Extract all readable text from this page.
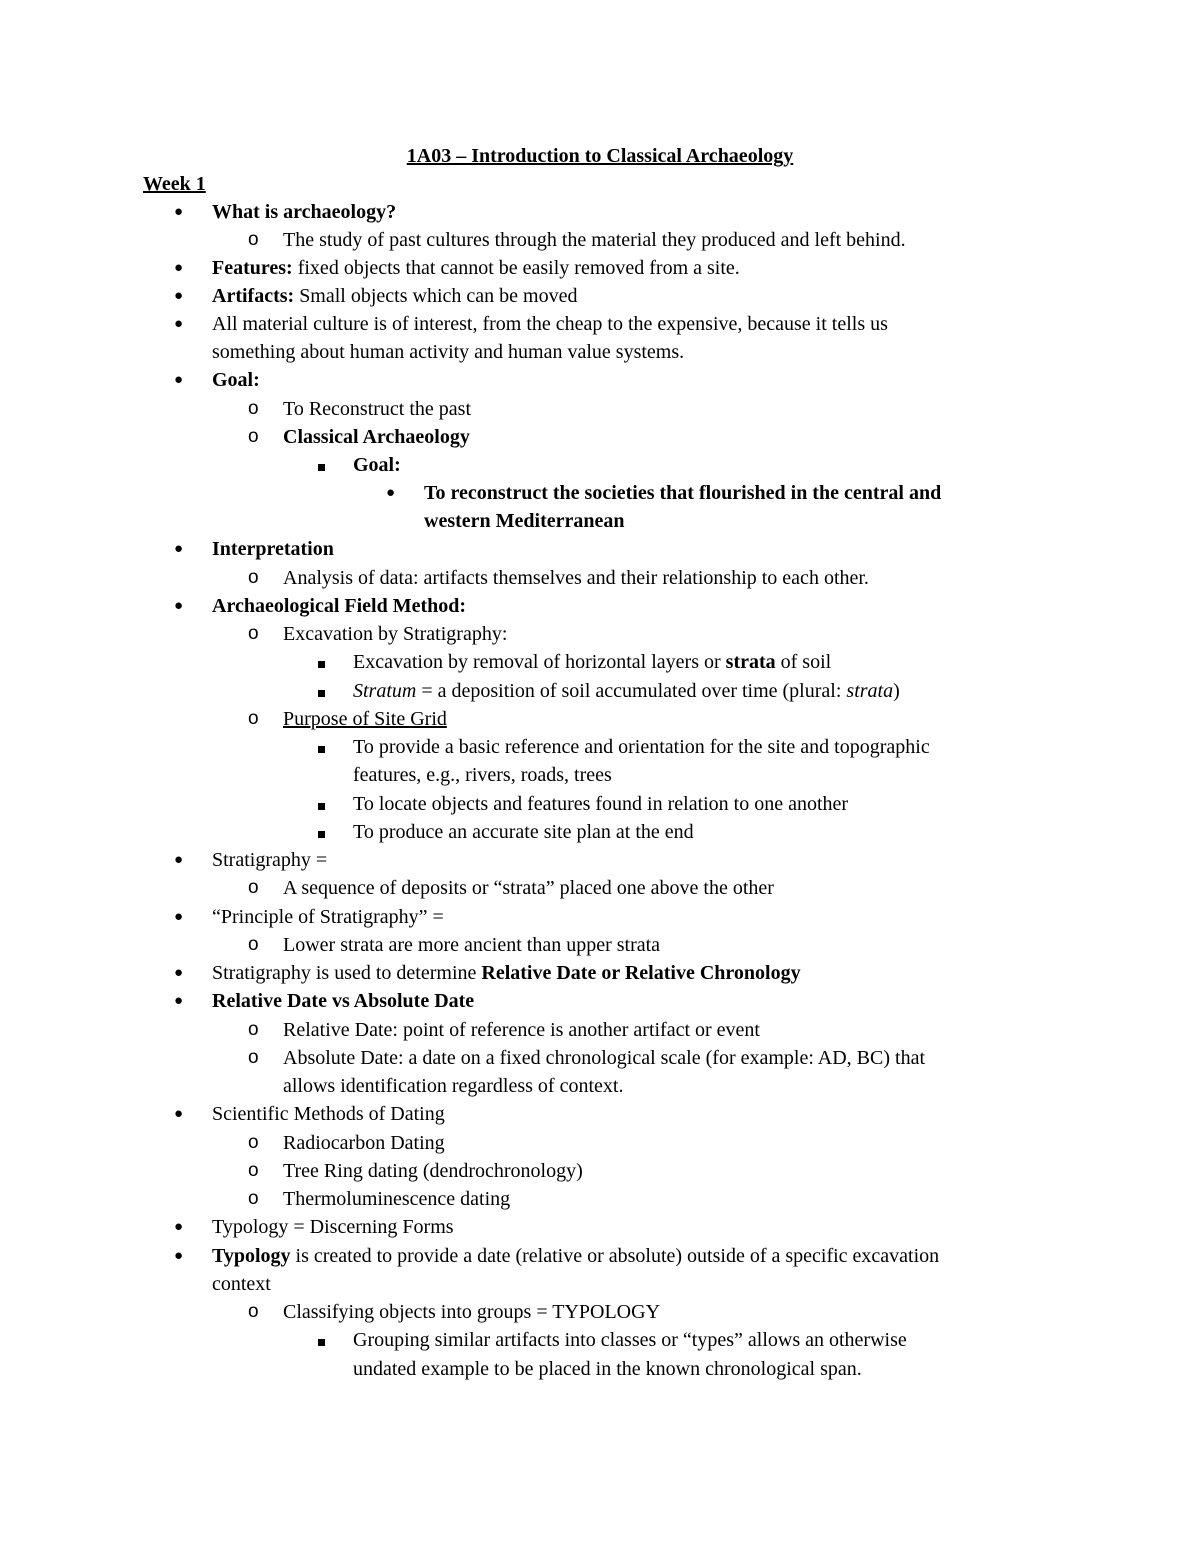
1A03 – Introduction to Classical Archaeology
Week 1
● What is archaeology?
o The study of past cultures through the material they produced and left behind.
● Features: fixed objects that cannot be easily removed from a site.
● Artifacts: Small objects which can be moved
● All material culture is of interest, from the cheap to the expensive, because it tells us
something about human activity and human value systems.
● Goal:
o To Reconstruct the past
o Classical Archaeology
Goal:
● To reconstruct the societies that flourished in the central and
western Mediterranean
● Interpretation
o Analysis of data: artifacts themselves and their relationship to each other.
● Archaeological Field Method:
o Excavation by Stratigraphy:
Excavation by removal of horizontal layers or strata of soil
Stratum = a deposition of soil accumulated over time (plural: strata)
o Purpose of Site Grid
To provide a basic reference and orientation for the site and topographic
features, e.g., rivers, roads, trees
To locate objects and features found in relation to one another
To produce an accurate site plan at the end
● Stratigraphy =
o A sequence of deposits or “strata” placed one above the other
● “Principle of Stratigraphy” =
o Lower strata are more ancient than upper strata
● Stratigraphy is used to determine Relative Date or Relative Chronology
● Relative Date vs Absolute Date
o Relative Date: point of reference is another artifact or event
o Absolute Date: a date on a fixed chronological scale (for example: AD, BC) that
allows identification regardless of context.
● Scientific Methods of Dating
o Radiocarbon Dating
o Tree Ring dating (dendrochronology)
o Thermoluminescence dating
● Typology = Discerning Forms
● Typology is created to provide a date (relative or absolute) outside of a specific excavation
context
o Classifying objects into groups = TYPOLOGY
Grouping similar artifacts into classes or “types” allows an otherwise
undated example to be placed in the known chronological span.
